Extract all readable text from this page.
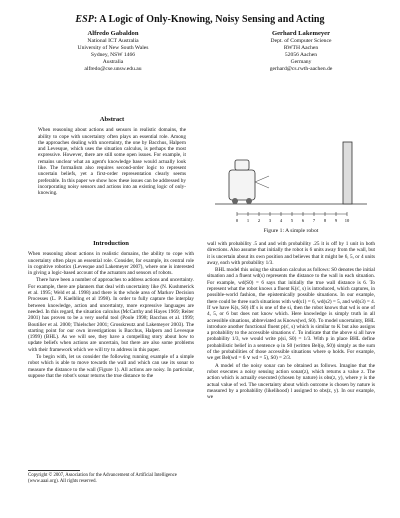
ESP: A Logic of Only-Knowing, Noisy Sensing and Acting
Alfredo Gabaldon
National ICT Australia
University of New South Wales
Sydney, NSW 1466
Australia
alfredo@cse.unsw.edu.au
Gerhard Lakemeyer
Dept. of Computer Science
RWTH Aachen
52056 Aachen
Germany
gerhard@cs.rwth-aachen.de
Abstract
When reasoning about actions and sensors in realistic domains, the ability to cope with uncertainty often plays an essential role. Among the approaches dealing with uncertainty, the one by Bacchus, Halpern and Levesque, which uses the situation calculus, is perhaps the most expressive. However, there are still some open issues. For example, it remains unclear what an agent's knowledge base would actually look like. The formalism also requires second-order logic to represent uncertain beliefs, yet a first-order representation clearly seems preferable. In this paper we show how these issues can be addressed by incorporating noisy sensors and actions into an existing logic of only-knowing.
Introduction

When reasoning about actions in realistic domains, the ability to cope with uncertainty often plays an essential role. Consider, for example, its central role in cognitive robotics (Levesque and Lakemeyer 2007), where one is interested in giving a logic-based account of the actuators and sensors of robots.

There have been a number of approaches to address actions and uncertainty. For example, there are planners that deal with uncertainty like (N. Kushmerick et al. 1995; Weld et al. 1998) and there is the whole area of Markov Decision Processes (L. P. Kaelbling et al 1998). In order to fully capture the interplay between knowledge, action and uncertainty, more expressive languages are needed. In this regard, the situation calculus (McCarthy and Hayes 1969; Reiter 2001) has proven to be a very useful tool (Poole 1998; Bacchus et al. 1999; Boutilier et al. 2000; Thielscher 2001; Grosskreutz and Lakemeyer 2003). The starting point for our own investigations is Bacchus, Halpern and Levesque (1999) (BHL). As we will see, they have a compelling story about how to update beliefs when actions are uncertain, but there are also some problems with their framework which we will try to address in this paper.

To begin with, let us consider the following running example of a simple robot which is able to move towards the wall and which can use its sonar to measure the distance to the wall (Figure 1). All actions are noisy. In particular, suppose that the robot's sonar returns the true distance to the

0 1 2 3 4 5 6 7 8 9 10
Figure 1: A simple robot

wall with probability .5 and and with probability .25 it is off by 1 unit in both directions. Also assume that initially the robot is 6 units away from the wall, but it is uncertain about its own position and believes that it might be 6, 5, or 4 units away, each with probability 1/3.

BHL model this using the situation calculus as follows: S0 denotes the initial situation and a fluent wd(s) represents the distance to the wall in each situation. For example, wd(S0) = 6 says that initially the true wall distance is 6. To represent what the robot knows a fluent K(s', s) is introduced, which captures, in possible-world fashion, the epistemically possible situations. In our example, there could be three such situations with wd(s1) = 6, wd(s2) = 5, and wd(s3) = 4. If we have K(s, S0) iff s is one of the si, then the robot knows that wd is one of 4, 5, or 6 but does not know which. Here knowledge is simply truth in all accessible situations, abbreviated as Knows(wd, S0). To model uncertainty, BHL introduce another functional fluent p(s', s) which is similar to K but also assigns a probability to the accessible situations s'. To indicate that the above si all have probability 1/3, we would write p(si, S0) = 1/3. With p in place BHL define probabilistic belief in a sentence φ in S0 (written Bel(φ, S0)) simply as the sum of the probabilities of those accessible situations where φ holds. For example, we get Bel(wd = 6 ∨ wd = 5), S0) = 2/3.

A model of the noisy sonar can be obtained as follows. Imagine that the robot executes a noisy sensing action sonar(z), which returns a value z. The action which is actually executed (chosen by nature) is obs(z, y), where y is the actual value of wd. The uncertainty about which outcome is chosen by nature is measured by a probability (likelihood) l assigned to obs(z, y). In our example, we

Copyright © 2007, Association for the Advancement of Artificial Intelligence (www.aaai.org). All rights reserved.
